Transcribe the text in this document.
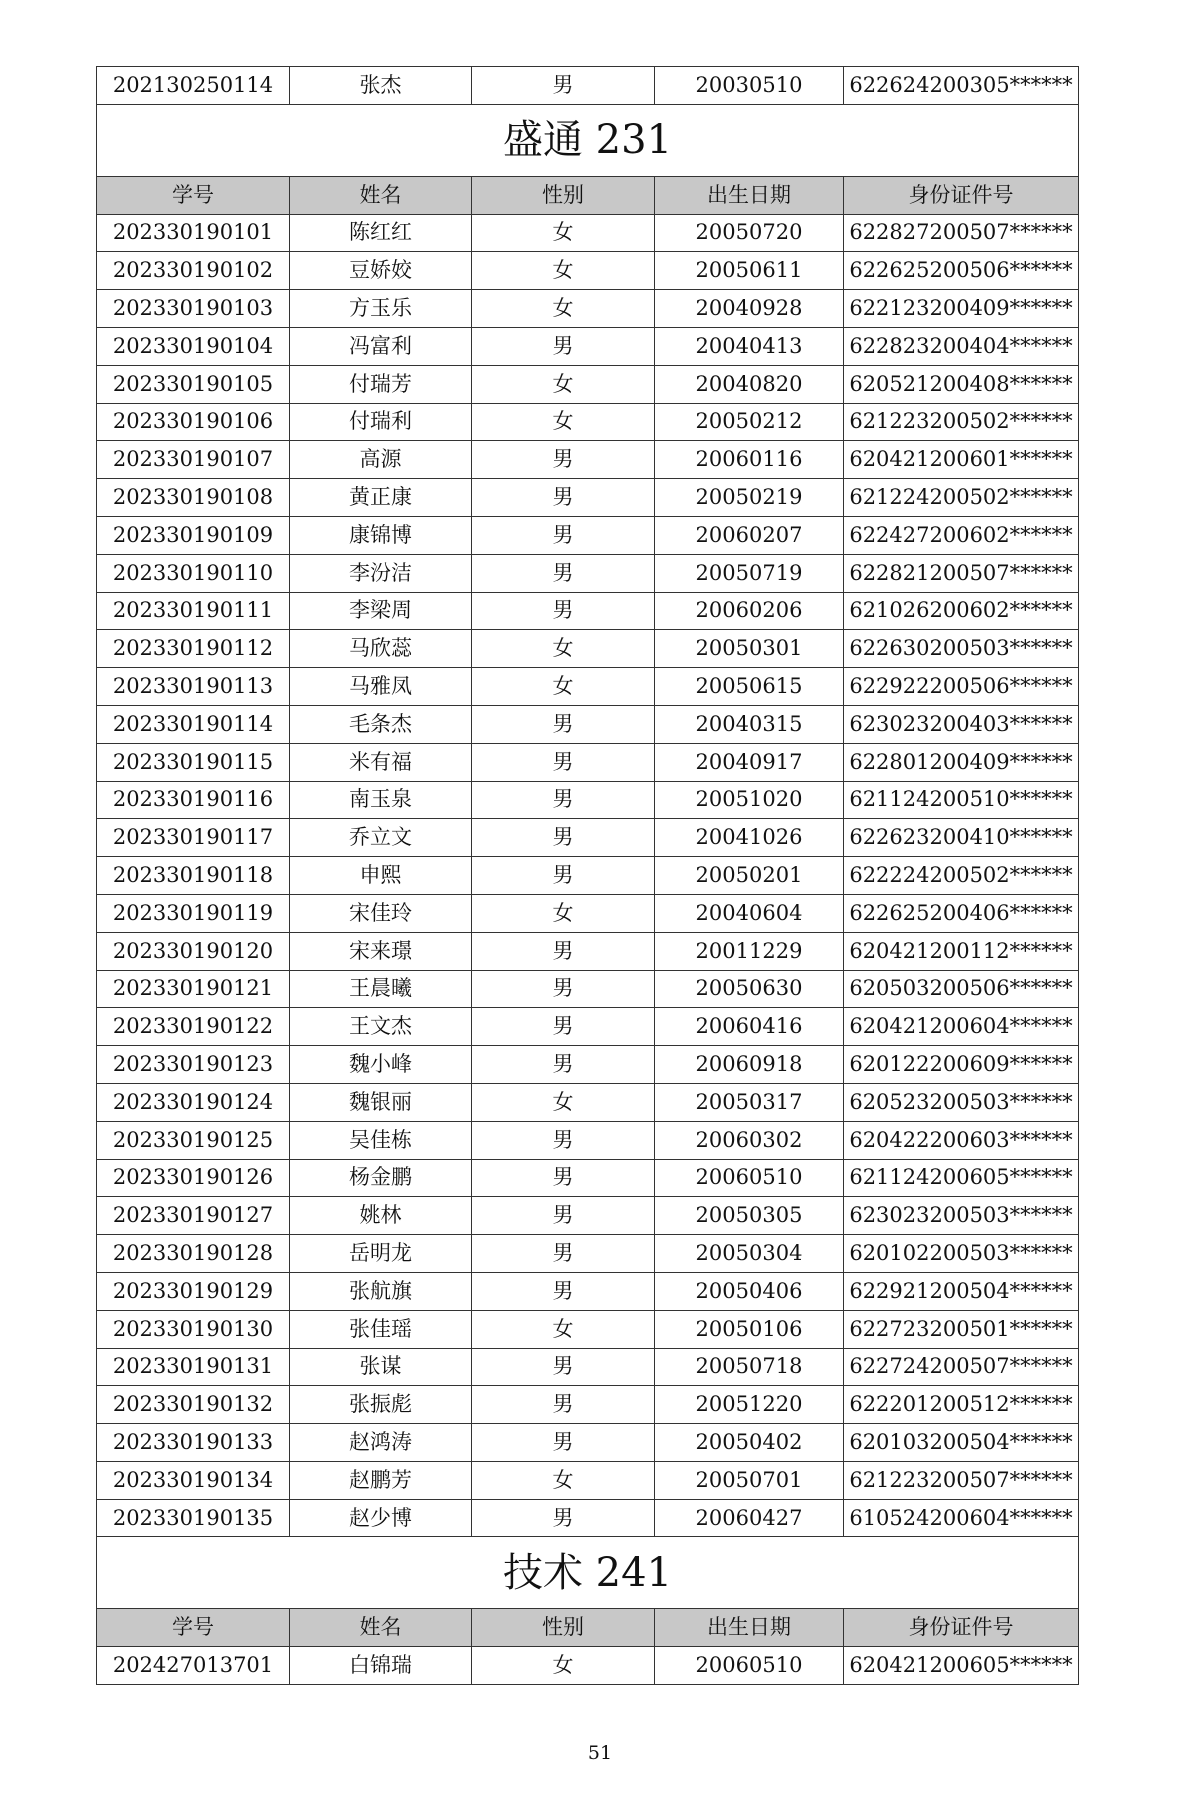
202130250114	张杰	男	20030510	622624200305******
盛通 231				
学号	姓名	性别	出生日期	身份证件号
202330190101	陈红红	女	20050720	622827200507******
202330190102	豆娇姣	女	20050611	622625200506******
202330190103	方玉乐	女	20040928	622123200409******
202330190104	冯富利	男	20040413	622823200404******
202330190105	付瑞芳	女	20040820	620521200408******
202330190106	付瑞利	女	20050212	621223200502******
202330190107	高源	男	20060116	620421200601******
202330190108	黄正康	男	20050219	621224200502******
202330190109	康锦博	男	20060207	622427200602******
202330190110	李汾洁	男	20050719	622821200507******
202330190111	李梁周	男	20060206	621026200602******
202330190112	马欣蕊	女	20050301	622630200503******
202330190113	马雅凤	女	20050615	622922200506******
202330190114	毛条杰	男	20040315	623023200403******
202330190115	米有福	男	20040917	622801200409******
202330190116	南玉泉	男	20051020	621124200510******
202330190117	乔立文	男	20041026	622623200410******
202330190118	申熙	男	20050201	622224200502******
202330190119	宋佳玲	女	20040604	622625200406******
202330190120	宋来璟	男	20011229	620421200112******
202330190121	王晨曦	男	20050630	620503200506******
202330190122	王文杰	男	20060416	620421200604******
202330190123	魏小峰	男	20060918	620122200609******
202330190124	魏银丽	女	20050317	620523200503******
202330190125	吴佳栋	男	20060302	620422200603******
202330190126	杨金鹏	男	20060510	621124200605******
202330190127	姚林	男	20050305	623023200503******
202330190128	岳明龙	男	20050304	620102200503******
202330190129	张航旗	男	20050406	622921200504******
202330190130	张佳瑶	女	20050106	622723200501******
202330190131	张谋	男	20050718	622724200507******
202330190132	张振彪	男	20051220	622201200512******
202330190133	赵鸿涛	男	20050402	620103200504******
202330190134	赵鹏芳	女	20050701	621223200507******
202330190135	赵少博	男	20060427	610524200604******
技术 241				
学号	姓名	性别	出生日期	身份证件号
202427013701	白锦瑞	女	20060510	620421200605******
51
